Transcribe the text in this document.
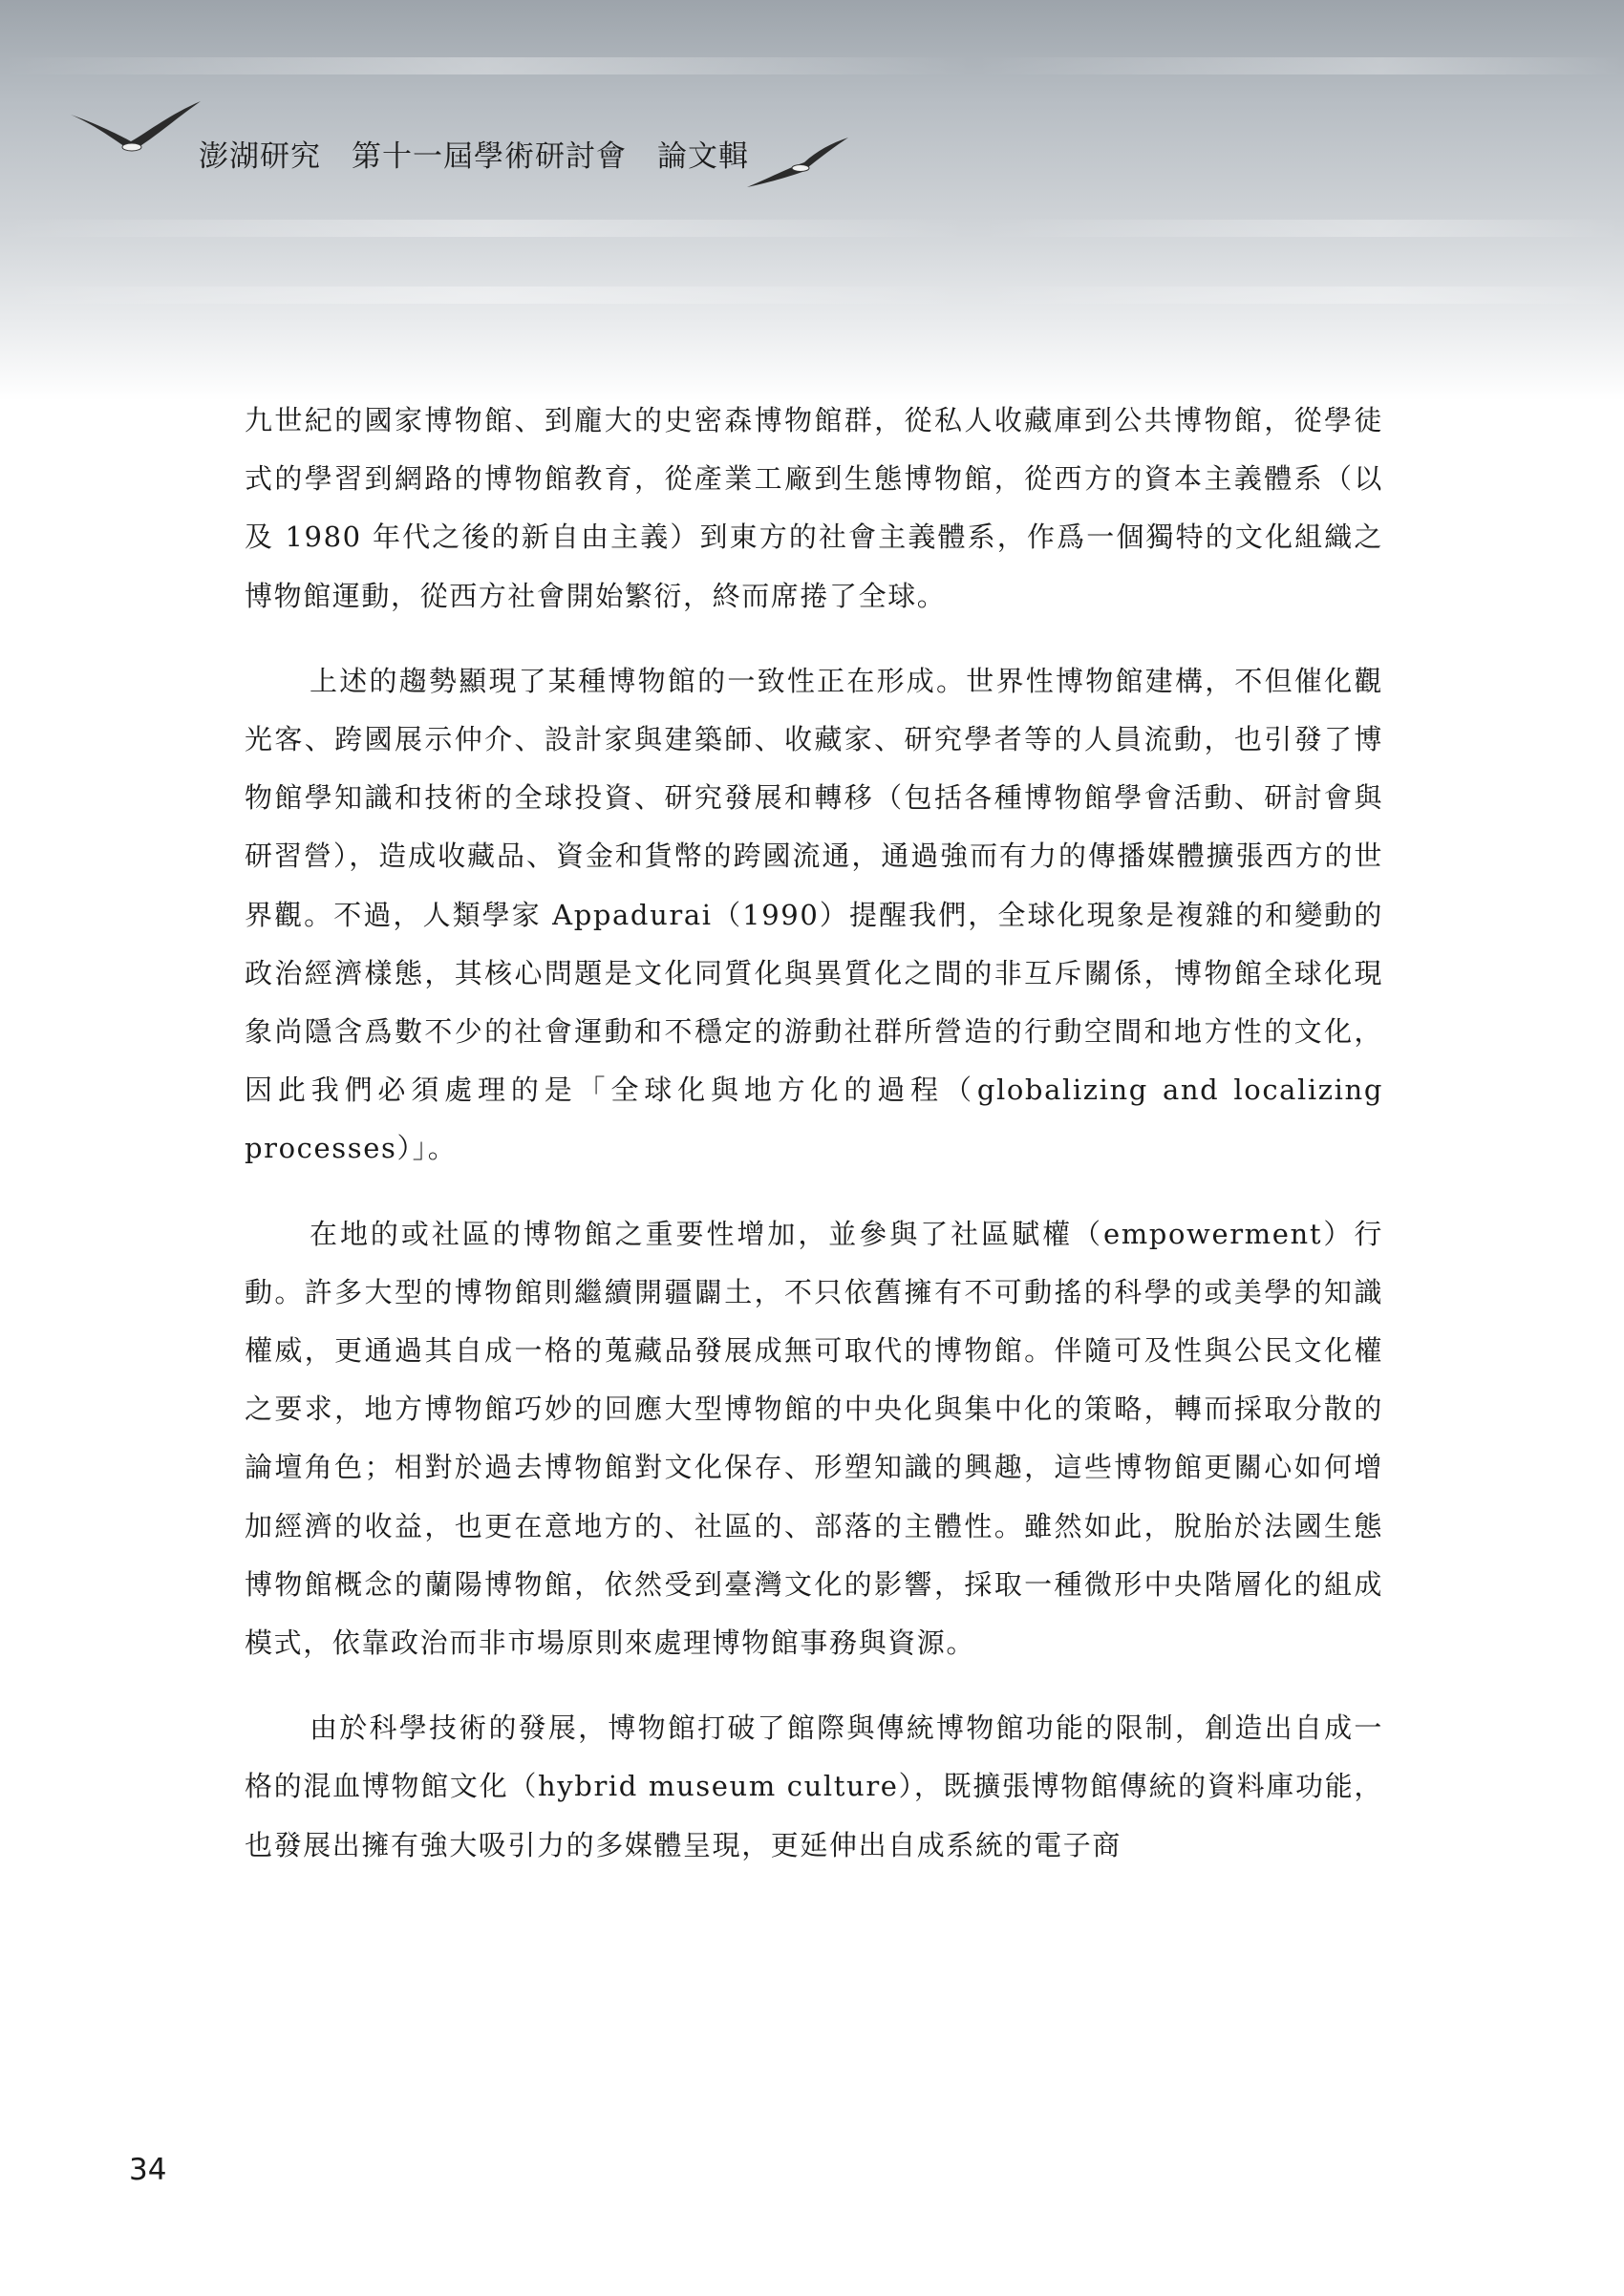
澎湖研究 第十一屆學術研討會 論文輯

九世紀的國家博物館、到龐大的史密森博物館群，從私人收藏庫到公共博物館，從學徒式的學習到網路的博物館教育，從產業工廠到生態博物館，從西方的資本主義體系（以及 1980 年代之後的新自由主義）到東方的社會主義體系，作爲一個獨特的文化組織之博物館運動，從西方社會開始繁衍，終而席捲了全球。

上述的趨勢顯現了某種博物館的一致性正在形成。世界性博物館建構，不但催化觀光客、跨國展示仲介、設計家與建築師、收藏家、研究學者等的人員流動，也引發了博物館學知識和技術的全球投資、研究發展和轉移（包括各種博物館學會活動、研討會與研習營），造成收藏品、資金和貨幣的跨國流通，通過強而有力的傳播媒體擴張西方的世界觀。不過，人類學家 Appadurai（1990）提醒我們，全球化現象是複雜的和變動的政治經濟樣態，其核心問題是文化同質化與異質化之間的非互斥關係，博物館全球化現象尚隱含爲數不少的社會運動和不穩定的游動社群所營造的行動空間和地方性的文化，因此我們必須處理的是「全球化與地方化的過程（globalizing and localizing processes）」。

在地的或社區的博物館之重要性增加，並參與了社區賦權（empowerment）行動。許多大型的博物館則繼續開疆闢土，不只依舊擁有不可動搖的科學的或美學的知識權威，更通過其自成一格的蒐藏品發展成無可取代的博物館。伴隨可及性與公民文化權之要求，地方博物館巧妙的回應大型博物館的中央化與集中化的策略，轉而採取分散的論壇角色；相對於過去博物館對文化保存、形塑知識的興趣，這些博物館更關心如何增加經濟的收益，也更在意地方的、社區的、部落的主體性。雖然如此，脫胎於法國生態博物館概念的蘭陽博物館，依然受到臺灣文化的影響，採取一種微形中央階層化的組成模式，依靠政治而非市場原則來處理博物館事務與資源。

由於科學技術的發展，博物館打破了館際與傳統博物館功能的限制，創造出自成一格的混血博物館文化（hybrid museum culture），既擴張博物館傳統的資料庫功能，也發展出擁有強大吸引力的多媒體呈現，更延伸出自成系統的電子商

34
